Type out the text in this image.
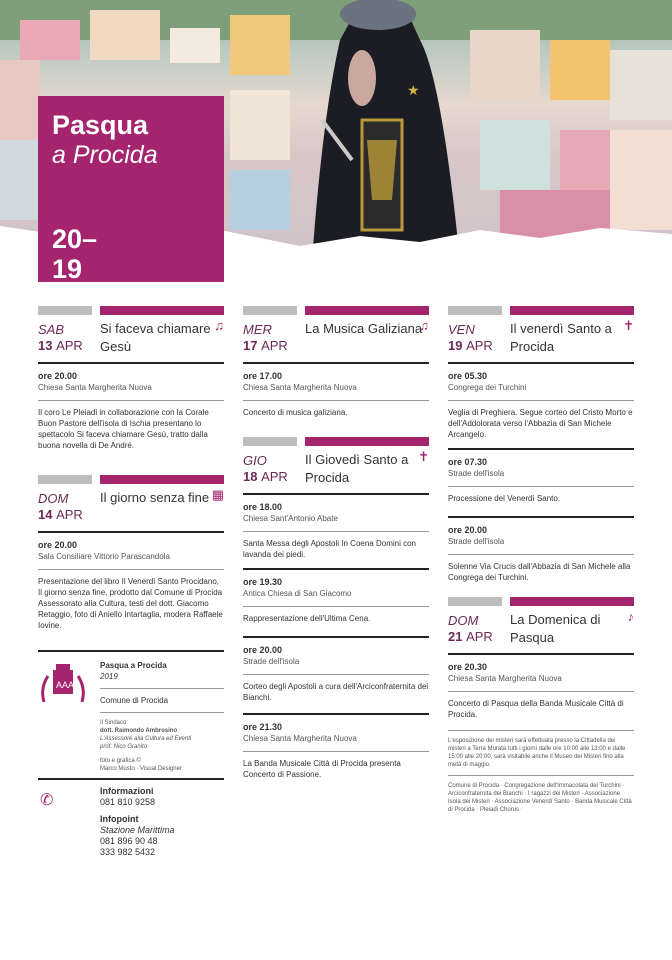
★
Pasqua
a Procida
20– 19
SAB
13 APR
Si faceva chiamare Gesù
♫
ore 20.00
Chiesa Santa Margherita Nuova
Il coro Le Pleiadi in collaborazione con la Corale Buon Pastore dell'isola di Ischia presentano lo spettacolo Si faceva chiamare Gesù, tratto dalla buona novella di De André.
DOM
14 APR
Il giorno senza fine ▦
ore 20.00
Sala Consiliare Vittorio Parascandola
Presentazione del libro Il Venerdì Santo Procidano, Il giorno senza fine, prodotto dal Comune di Procida Assessorato alla Cultura, testi del dott. Giacomo Retaggio, foto di Aniello Intartaglia, modera Raffaele Iovine.
AAA
Pasqua a Procida
2019
Comune di Procida
Il Sindaco
dott. Raimondo Ambrosino
L'Assessore alla Cultura ed Eventi
prof. Nico Granito
foto e grafica ©
Marco Musto · Visual Designer
✆
Informazioni
081 810 9258
Infopoint
Stazione Marittima
081 896 90 48
333 982 5432
MER
17 APR
La Musica Galiziana
♫
ore 17.00
Chiesa Santa Margherita Nuova
Concerto di musica galiziana.
GIO
18 APR
Il Giovedì Santo a Procida
✝
ore 18.00
Chiesa Sant'Antonio Abate
Santa Messa degli Apostoli In Coena Domini con lavanda dei piedi.
ore 19.30
Antica Chiesa di San Giacomo
Rappresentazione dell'Ultima Cena.
ore 20.00
Strade dell'isola
Corteo degli Apostoli a cura dell'Arciconfraternita dei Bianchi.
ore 21.30
Chiesa Santa Margherita Nuova
La Banda Musicale Città di Procida presenta Concerto di Passione.
VEN
19 APR
Il venerdì Santo a Procida
✝
ore 05.30
Congrega dei Turchini
Veglia di Preghiera. Segue corteo del Cristo Morto e dell'Addolorata verso l'Abbazia di San Michele Arcangelo.
ore 07.30
Strade dell'isola
Processione del Venerdì Santo.
ore 20.00
Strade dell'isola
Solenne Via Crucis dall'Abbazia di San Michele alla Congrega dei Turchini.
DOM
21 APR
La Domenica di Pasqua
♪
ore 20.30
Chiesa Santa Margherita Nuova
Concerto di Pasqua della Banda Musicale Città di Procida.
L'esposizione dei misteri sarà effettuata presso la Cittadella dei misteri a Terra Murata tutti i giorni dalle ore 10:00 alle 13:00 e dalle 15:00 alle 20:00, sarà visitabile anche il Museo dei Misteri fino alla metà di maggio.
Comune di Procida · Congregazione dell'Immacolata dei Turchini · Arciconfraternita dei Bianchi · I ragazzi dei Misteri · Associazione Isola dei Misteri · Associazione Venerdì Santo · Banda Musicale Città di Procida · Pleiadi Chorus ·
